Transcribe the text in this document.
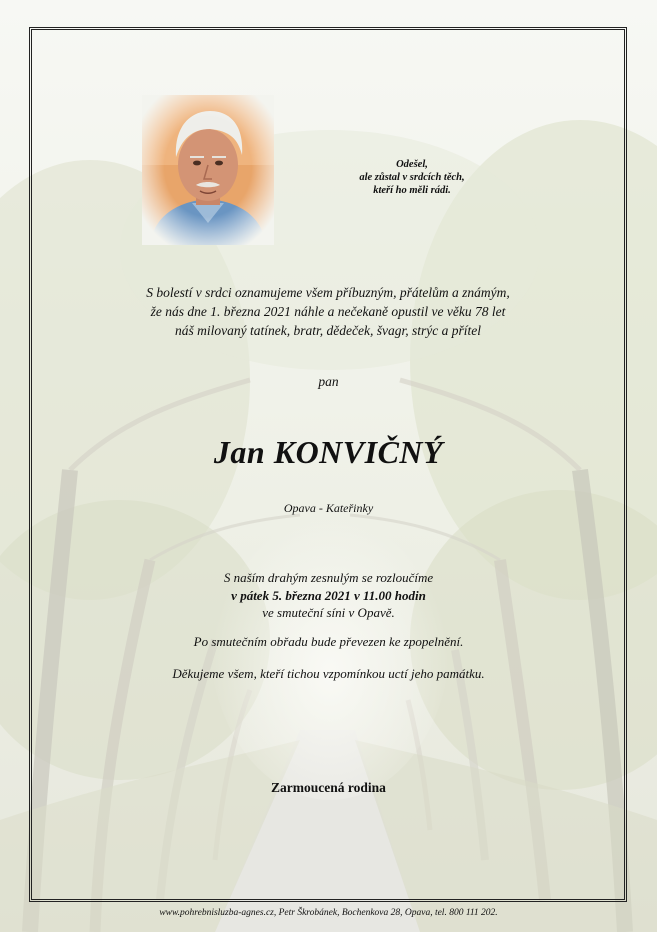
Odešel,
ale zůstal v srdcích těch,
kteří ho měli rádi.
S bolestí v srdci oznamujeme všem příbuzným, přátelům a známým,
že nás dne 1. března 2021 náhle a nečekaně opustil ve věku 78 let
náš milovaný tatínek, bratr, dědeček, švagr, strýc a přítel
pan
Jan KONVIČNÝ
Opava - Kateřinky
S naším drahým zesnulým se rozloučíme
v pátek 5. března 2021 v 11.00 hodin
ve smuteční síni v Opavě.
Po smutečním obřadu bude převezen ke zpopelnění.
Děkujeme všem, kteří tichou vzpomínkou uctí jeho památku.
Zarmoucená rodina
www.pohrebnisluzba-agnes.cz, Petr Škrobánek, Bochenkova 28, Opava, tel. 800 111 202.
